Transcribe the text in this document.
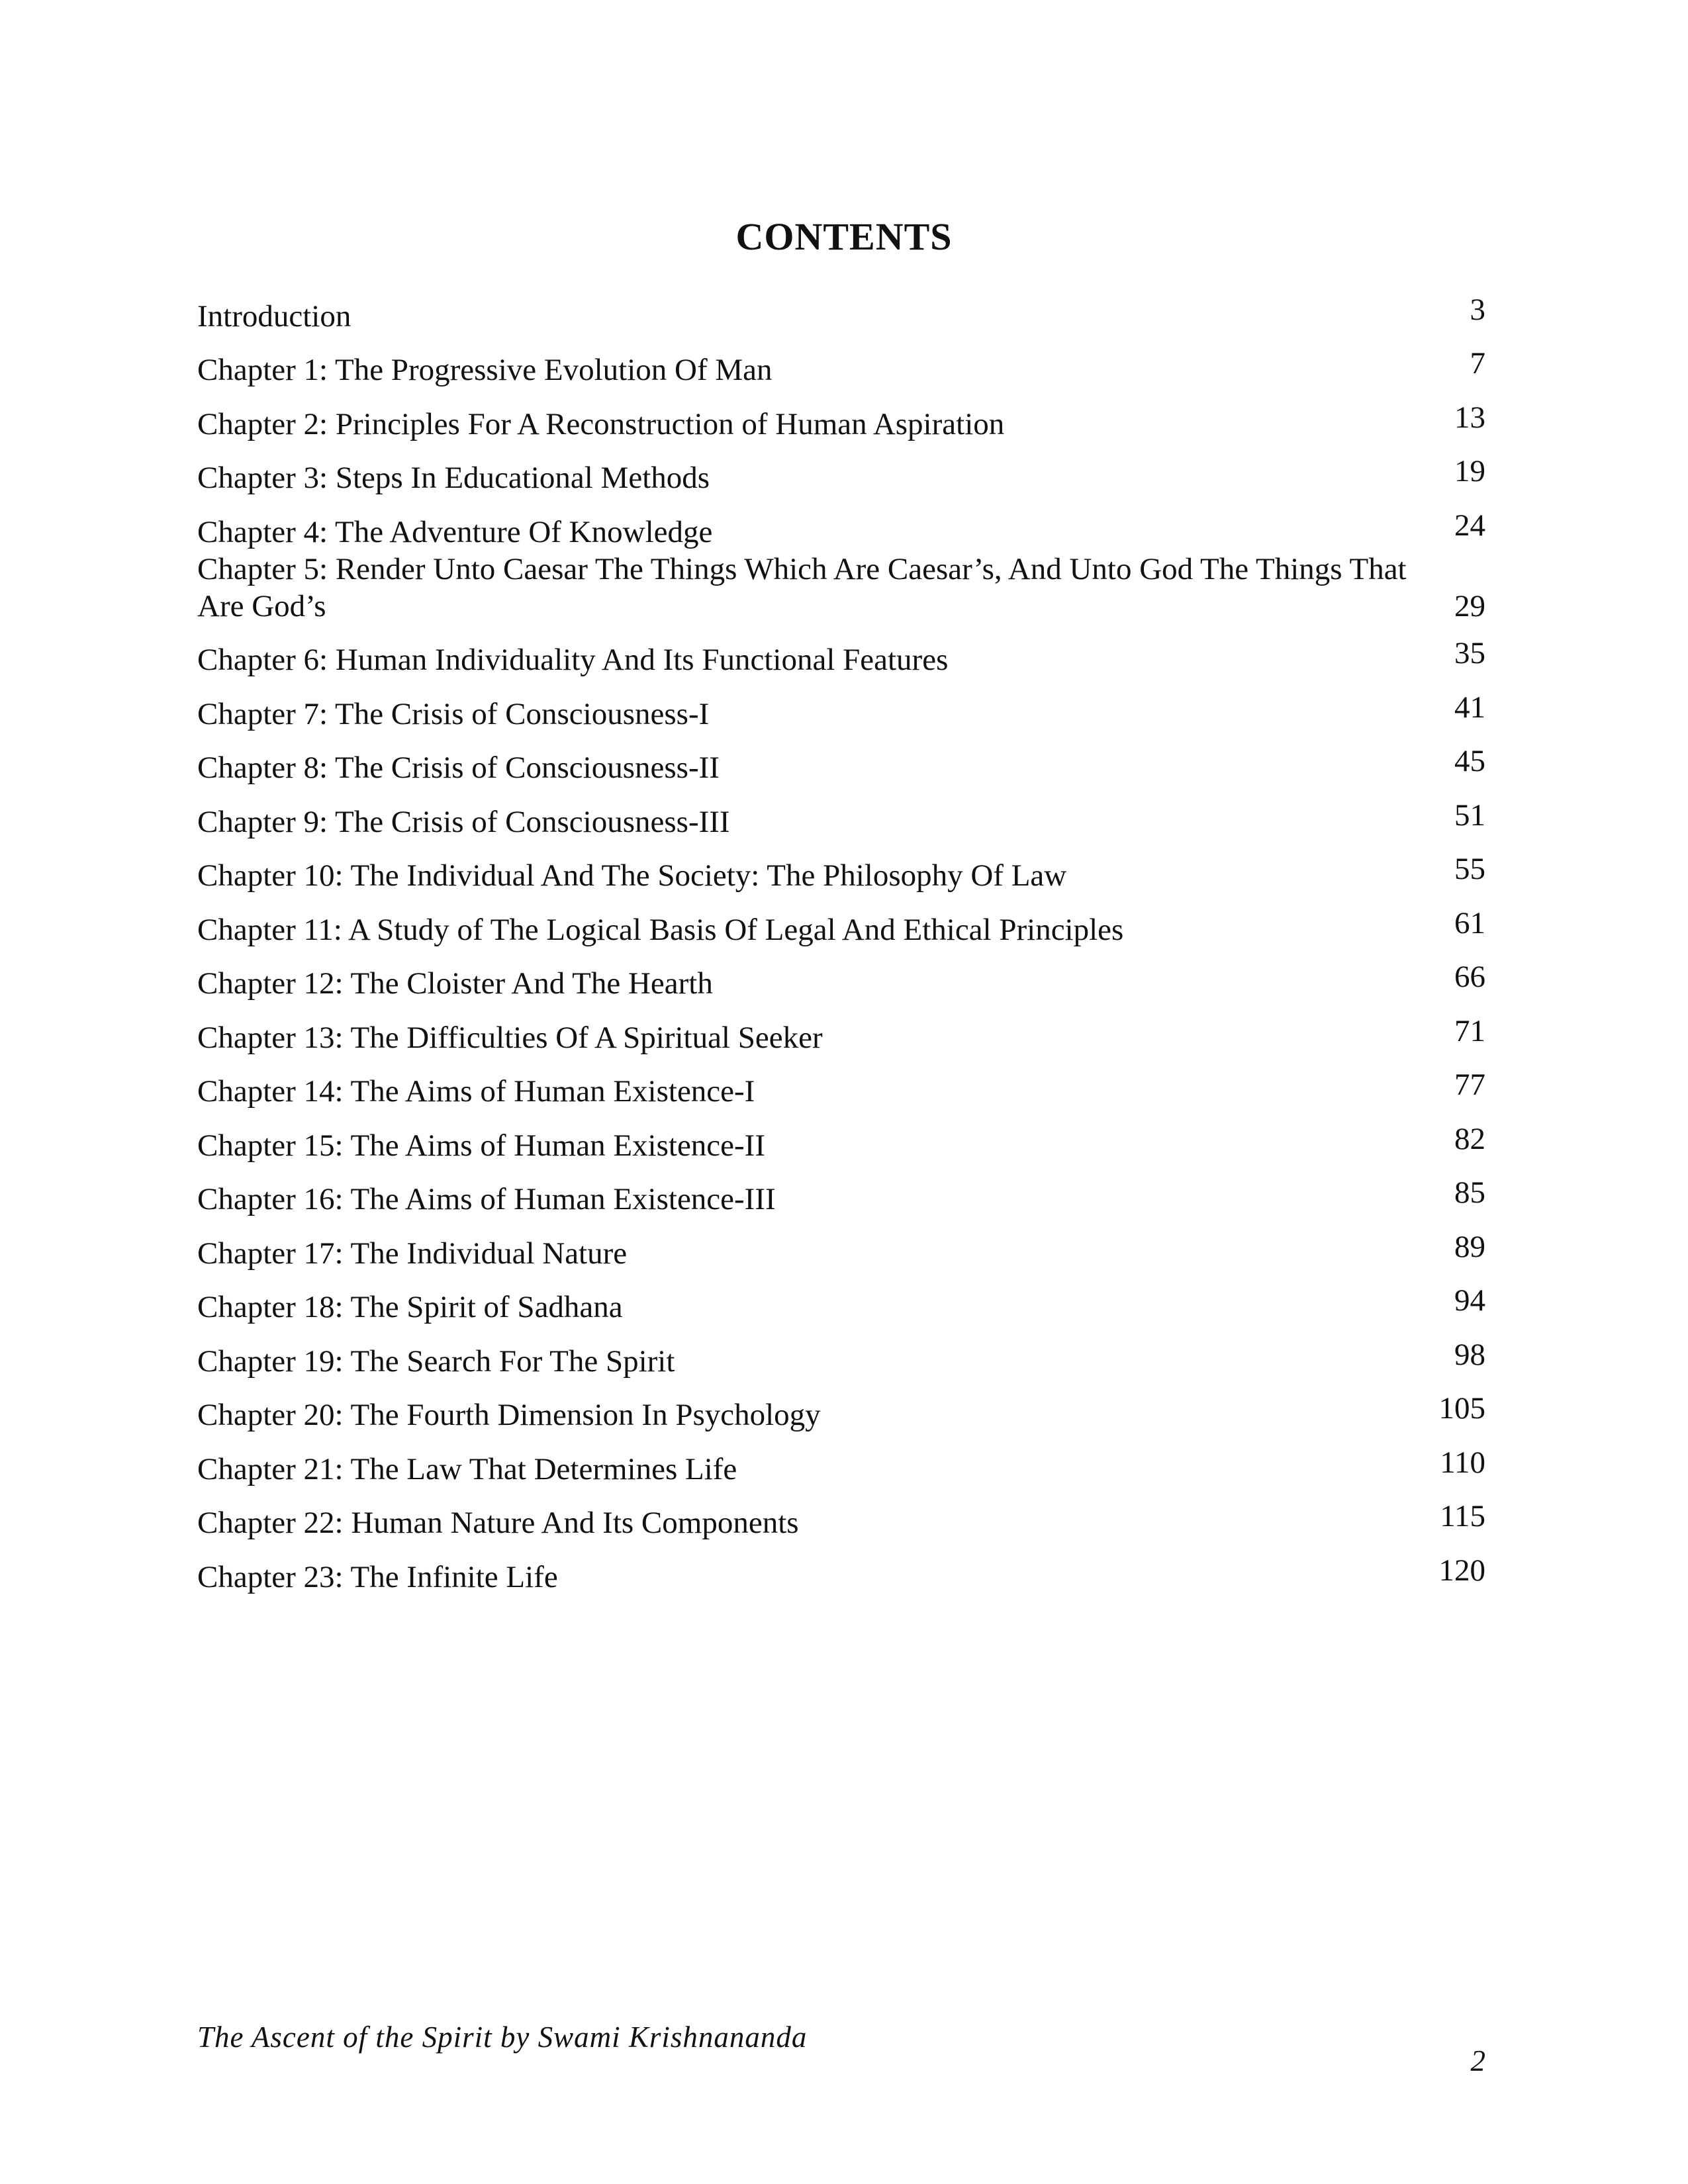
CONTENTS
Introduction	3
Chapter 1: The Progressive Evolution Of Man	7
Chapter 2: Principles For A Reconstruction of Human Aspiration	13
Chapter 3: Steps In Educational Methods	19
Chapter 4: The Adventure Of Knowledge	24
Chapter 5: Render Unto Caesar The Things Which Are Caesar’s, And Unto God The Things That Are God’s	29
Chapter 6: Human Individuality And Its Functional Features	35
Chapter 7: The Crisis of Consciousness-I	41
Chapter 8: The Crisis of Consciousness-II	45
Chapter 9: The Crisis of Consciousness-III	51
Chapter 10: The Individual And The Society: The Philosophy Of Law	55
Chapter 11: A Study of The Logical Basis Of Legal And Ethical Principles	61
Chapter 12: The Cloister And The Hearth	66
Chapter 13: The Difficulties Of A Spiritual Seeker	71
Chapter 14: The Aims of Human Existence-I	77
Chapter 15: The Aims of Human Existence-II	82
Chapter 16: The Aims of Human Existence-III	85
Chapter 17: The Individual Nature	89
Chapter 18: The Spirit of Sadhana	94
Chapter 19: The Search For The Spirit	98
Chapter 20: The Fourth Dimension In Psychology	105
Chapter 21: The Law That Determines Life	110
Chapter 22: Human Nature And Its Components	115
Chapter 23: The Infinite Life	120
The Ascent of the Spirit by Swami Krishnananda
2
